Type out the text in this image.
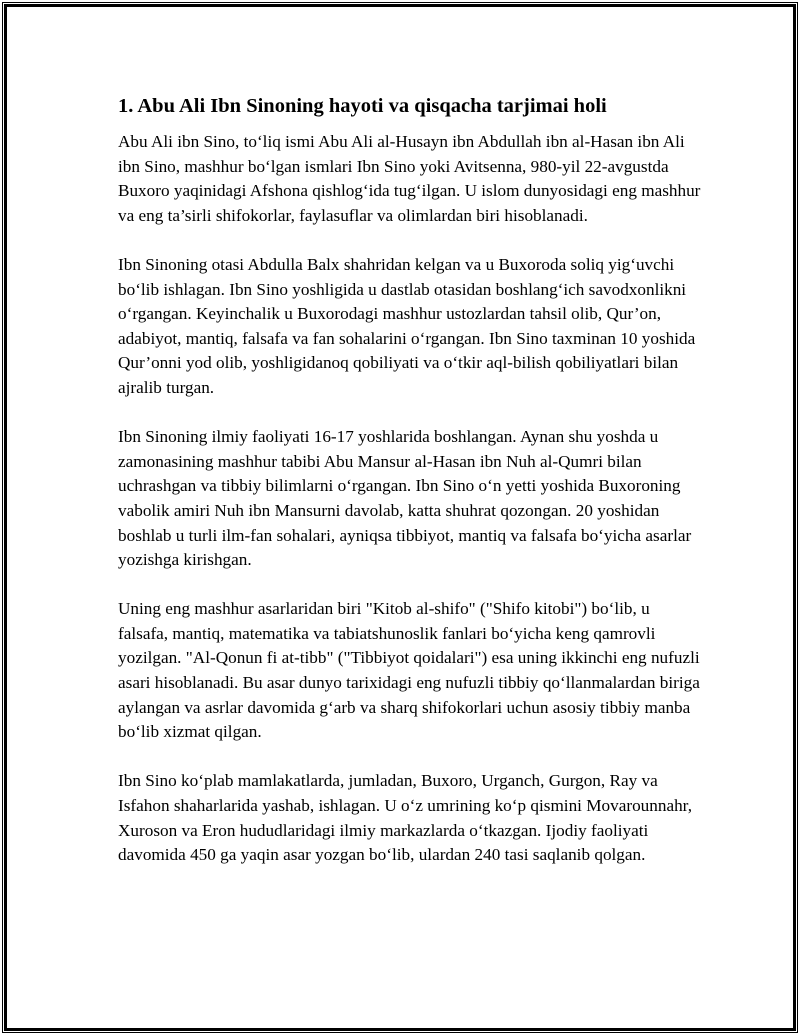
1. Abu Ali Ibn Sinoning hayoti va qisqacha tarjimai holi

Abu Ali ibn Sino, to‘liq ismi Abu Ali al-Husayn ibn Abdullah ibn al-Hasan ibn Ali ibn Sino, mashhur bo‘lgan ismlari Ibn Sino yoki Avitsenna, 980-yil 22-avgustda Buxoro yaqinidagi Afshona qishlog‘ida tug‘ilgan. U islom dunyosidagi eng mashhur va eng ta’sirli shifokorlar, faylasuflar va olimlardan biri hisoblanadi.

Ibn Sinoning otasi Abdulla Balx shahridan kelgan va u Buxoroda soliq yig‘uvchi bo‘lib ishlagan. Ibn Sino yoshligida u dastlab otasidan boshlang‘ich savodxonlikni o‘rgangan. Keyinchalik u Buxorodagi mashhur ustozlardan tahsil olib, Qur’on, adabiyot, mantiq, falsafa va fan sohalarini o‘rgangan. Ibn Sino taxminan 10 yoshida Qur’onni yod olib, yoshligidanoq qobiliyati va o‘tkir aql-bilish qobiliyatlari bilan ajralib turgan.

Ibn Sinoning ilmiy faoliyati 16-17 yoshlarida boshlangan. Aynan shu yoshda u zamonasining mashhur tabibi Abu Mansur al-Hasan ibn Nuh al-Qumri bilan uchrashgan va tibbiy bilimlarni o‘rgangan. Ibn Sino o‘n yetti yoshida Buxoroning vabolik amiri Nuh ibn Mansurni davolab, katta shuhrat qozongan. 20 yoshidan boshlab u turli ilm-fan sohalari, ayniqsa tibbiyot, mantiq va falsafa bo‘yicha asarlar yozishga kirishgan.

Uning eng mashhur asarlaridan biri "Kitob al-shifo" ("Shifo kitobi") bo‘lib, u falsafa, mantiq, matematika va tabiatshunoslik fanlari bo‘yicha keng qamrovli yozilgan. "Al-Qonun fi at-tibb" ("Tibbiyot qoidalari") esa uning ikkinchi eng nufuzli asari hisoblanadi. Bu asar dunyo tarixidagi eng nufuzli tibbiy qo‘llanmalardan biriga aylangan va asrlar davomida g‘arb va sharq shifokorlari uchun asosiy tibbiy manba bo‘lib xizmat qilgan.

Ibn Sino ko‘plab mamlakatlarda, jumladan, Buxoro, Urganch, Gurgon, Ray va Isfahon shaharlarida yashab, ishlagan. U o‘z umrining ko‘p qismini Movarounnahr, Xuroson va Eron hududlaridagi ilmiy markazlarda o‘tkazgan. Ijodiy faoliyati davomida 450 ga yaqin asar yozgan bo‘lib, ulardan 240 tasi saqlanib qolgan.
